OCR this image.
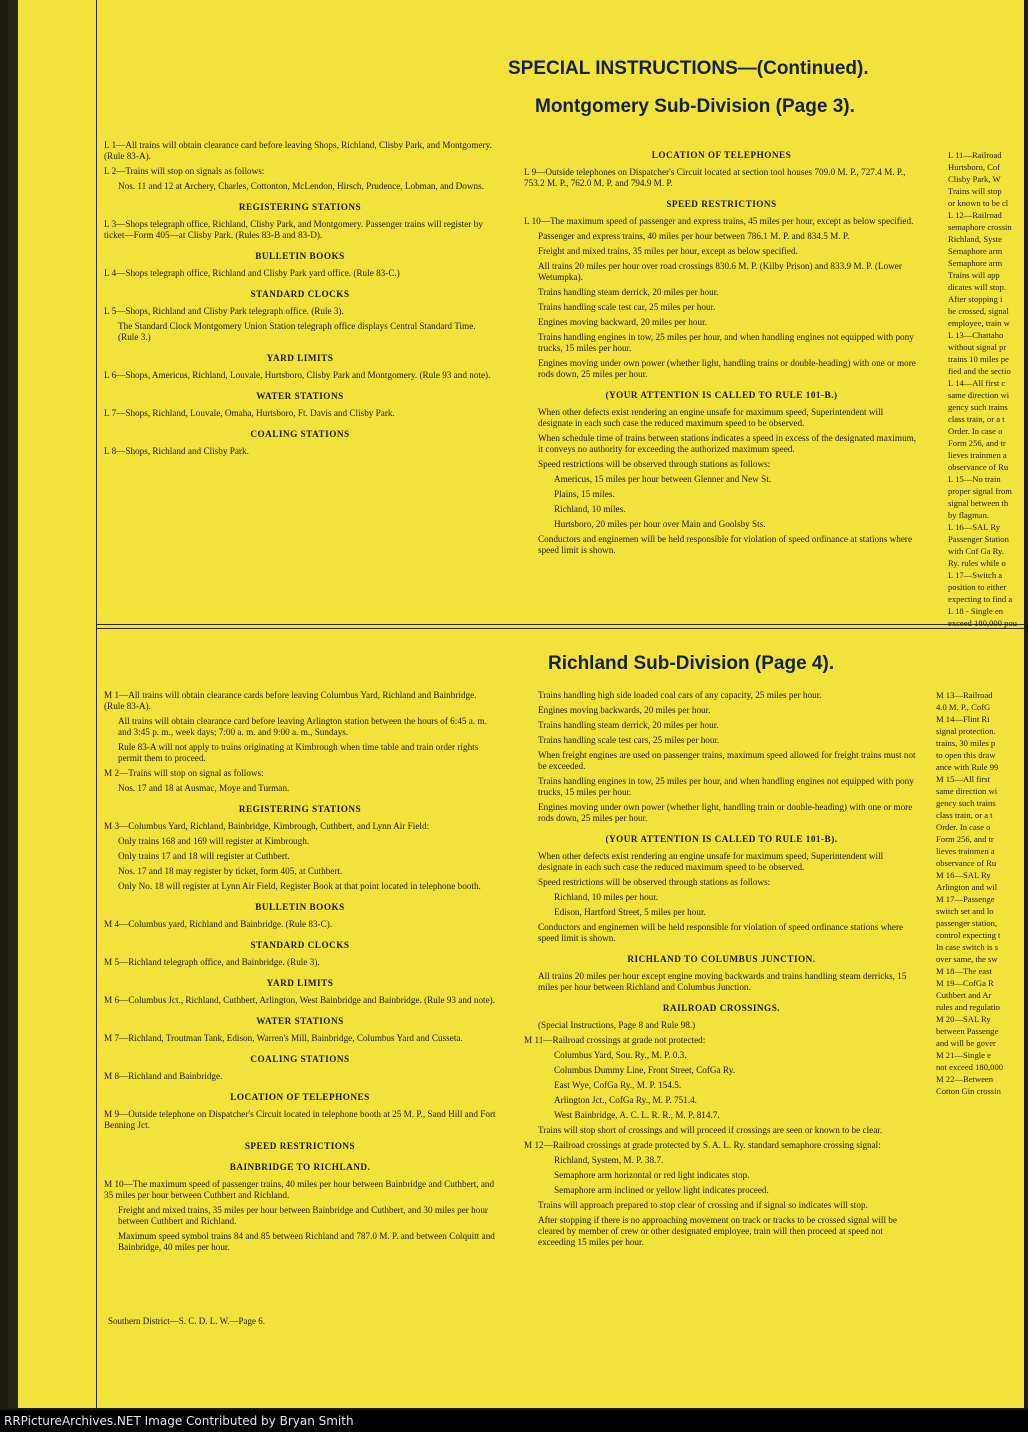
SPECIAL INSTRUCTIONS—(Continued).
Montgomery Sub-Division (Page 3).
Richland Sub-Division (Page 4).

L 1—All trains will obtain clearance card before leaving Shops, Richland, Clisby Park, and Montgomery. (Rule 83-A).

L 2—Trains will stop on signals as follows:

Nos. 11 and 12 at Archery, Charles, Cottonton, McLendon, Hirsch, Prudence, Lobman, and Downs.

REGISTERING STATIONS

L 3—Shops telegraph office, Richland, Clisby Park, and Montgomery. Passenger trains will register by ticket—Form 405—at Clisby Park. (Rules 83-B and 83-D).

BULLETIN BOOKS

L 4—Shops telegraph office, Richland and Clisby Park yard office. (Rule 83-C.)

STANDARD CLOCKS

L 5—Shops, Richland and Clisby Park telegraph office. (Rule 3).

The Standard Clock Montgomery Union Station telegraph office displays Central Standard Time. (Rule 3.)

YARD LIMITS

L 6—Shops, Americus, Richland, Louvale, Hurtsboro, Clisby Park and Montgomery. (Rule 93 and note).

WATER STATIONS

L 7—Shops, Richland, Louvale, Omaha, Hurtsboro, Ft. Davis and Clisby Park.

COALING STATIONS

L 8—Shops, Richland and Clisby Park.

LOCATION OF TELEPHONES

L 9—Outside telephones on Dispatcher's Circuit located at section tool houses 709.0 M. P., 727.4 M. P., 753.2 M. P., 762.0 M. P. and 794.9 M. P.

SPEED RESTRICTIONS

L 10—The maximum speed of passenger and express trains, 45 miles per hour, except as below specified.

Passenger and express trains, 40 miles per hour between 786.1 M. P. and 834.5 M. P.

Freight and mixed trains, 35 miles per hour, except as below specified.

All trains 20 miles per hour over road crossings 830.6 M. P. (Kilby Prison) and 833.9 M. P. (Lower Wetumpka).

Trains handling steam derrick, 20 miles per hour.

Trains handling scale test car, 25 miles per hour.

Engines moving backward, 20 miles per hour.

Trains handling engines in tow, 25 miles per hour, and when handling engines not equipped with pony trucks, 15 miles per hour.

Engines moving under own power (whether light, handling trains or double-heading) with one or more rods down, 25 miles per hour.

(YOUR ATTENTION IS CALLED TO RULE 101-B.)

When other defects exist rendering an engine unsafe for maximum speed, Superintendent will designate in each such case the reduced maximum speed to be observed.

When schedule time of trains between stations indicates a speed in excess of the designated maximum, it conveys no authority for exceeding the authorized maximum speed.

Speed restrictions will be observed through stations as follows:

Americus, 15 miles per hour between Glenner and New St.

Plains, 15 miles.

Richland, 10 miles.

Hurtsboro, 20 miles per hour over Main and Goolsby Sts.

Conductors and enginemen will be held responsible for violation of speed ordinance at stations where speed limit is shown.

L 11—Railroad

Hurtsboro, Cof

Clisby Park, W

Trains will stop

or known to be cl

L 12—Railroad

semaphore crossin

Richland, Syste

Semaphore arm

Semaphore arm

Trains will app

dicates will stop.

After stopping i

be crossed, signal

employee, train w

L 13—Chattaho

without signal pr

trains 10 miles pe

fied and the sectio

L 14—All first c

same direction wi

gency such trains

class train, or a t

Order. In case o

Form 256, and tr

lieves trainmen a

observance of Ru

L 15—No train

proper signal from

signal between th

by flagman.

L 16—SAL Ry

Passenger Station

with Cof Ga Ry.

Ry. rules while o

L 17—Switch a

position to either

expecting to find a

L 18 - Single en

exceed 180,000 pou

M 1—All trains will obtain clearance cards before leaving Columbus Yard, Richland and Bainbridge. (Rule 83-A).

All trains will obtain clearance card before leaving Arlington station between the hours of 6:45 a. m. and 3:45 p. m., week days; 7:00 a. m. and 9:00 a. m., Sundays.

Rule 83-A will not apply to trains originating at Kimbrough when time table and train order rights permit them to proceed.

M 2—Trains will stop on signal as follows:

Nos. 17 and 18 at Ausmac, Moye and Turman.

REGISTERING STATIONS

M 3—Columbus Yard, Richland, Bainbridge, Kimbrough, Cuthbert, and Lynn Air Field:

Only trains 168 and 169 will register at Kimbrough.

Only trains 17 and 18 will register at Cuthbert.

Nos. 17 and 18 may register by ticket, form 405, at Cuthbert.

Only No. 18 will register at Lynn Air Field, Register Book at that point located in telephone booth.

BULLETIN BOOKS

M 4—Columbus yard, Richland and Bainbridge. (Rule 83-C).

STANDARD CLOCKS

M 5—Richland telegraph office, and Bainbridge. (Rule 3).

YARD LIMITS

M 6—Columbus Jct., Richland, Cuthbert, Arlington, West Bainbridge and Bainbridge. (Rule 93 and note).

WATER STATIONS

M 7—Richland, Troutman Tank, Edison, Warren's Mill, Bainbridge, Columbus Yard and Cusseta.

COALING STATIONS

M 8—Richland and Bainbridge.

LOCATION OF TELEPHONES

M 9—Outside telephone on Dispatcher's Circuit located in telephone booth at 25 M. P., Sand Hill and Fort Benning Jct.

SPEED RESTRICTIONS

BAINBRIDGE TO RICHLAND.

M 10—The maximum speed of passenger trains, 40 miles per hour between Bainbridge and Cuthbert, and 35 miles per hour between Cuthbert and Richland.

Freight and mixed trains, 35 miles per hour between Bainbridge and Cuthbert, and 30 miles per hour between Cuthbert and Richland.

Maximum speed symbol trains 84 and 85 between Richland and 787.0 M. P. and between Colquitt and Bainbridge, 40 miles per hour.

Trains handling high side loaded coal cars of any capacity, 25 miles per hour.

Engines moving backwards, 20 miles per hour.

Trains handling steam derrick, 20 miles per hour.

Trains handling scale test cars, 25 miles per hour.

When freight engines are used on passenger trains, maximum speed allowed for freight trains must not be exceeded.

Trains handling engines in tow, 25 miles per hour, and when handling engines not equipped with pony trucks, 15 miles per hour.

Engines moving under own power (whether light, handling train or double-heading) with one or more rods down, 25 miles per hour.

(YOUR ATTENTION IS CALLED TO RULE 101-B).

When other defects exist rendering an engine unsafe for maximum speed, Superintendent will designate in each such case the reduced maximum speed to be observed.

Speed restrictions will be observed through stations as follows:

Richland, 10 miles per hour.

Edison, Hartford Street, 5 miles per hour.

Conductors and enginemen will be held responsible for violation of speed ordinance stations where speed limit is shown.

RICHLAND TO COLUMBUS JUNCTION.

All trains 20 miles per hour except engine moving backwards and trains handling steam derricks, 15 miles per hour between Richland and Columbus Junction.

RAILROAD CROSSINGS.

(Special Instructions, Page 8 and Rule 98.)

M 11—Railroad crossings at grade not protected:

Columbus Yard, Sou. Ry., M. P. 0.3.

Columbus Dummy Line, Front Street, CofGa Ry.

East Wye, CofGa Ry., M. P. 154.5.

Arlington Jct., CofGa Ry., M. P. 751.4.

West Bainbridge, A. C. L. R. R., M. P. 814.7.

Trains will stop short of crossings and will proceed if crossings are seen or known to be clear.

M 12—Railroad crossings at grade protected by S. A. L. Ry. standard semaphore crossing signal:

Richland, System, M. P. 38.7.

Semaphore arm horizontal or red light indicates stop.

Semaphore arm inclined or yellow light indicates proceed.

Trains will approach prepared to stop clear of crossing and if signal so indicates will stop.

After stopping if there is no approaching movement on track or tracks to be crossed signal will be cleared by member of crew or other designated employee, train will then proceed at speed not exceeding 15 miles per hour.

M 13—Railroad

4.0 M. P., CofG

M 14—Flint Ri

signal protection.

trains, 30 miles p

to open this draw

ance with Rule 99

M 15—All first

same direction wi

gency such trains

class train, or a t

Order. In case o

Form 256, and tr

lieves trainmen a

observance of Ru

M 16—SAL Ry

Arlington and wil

M 17—Passenge

switch set and lo

passenger station,

control expecting t

In case switch is s

over same, the sw

M 18—The east

M 19—CofGa R

Cuthbert and Ar

rules and regulatio

M 20—SAL Ry

between Passenge

and will be gover

M 21—Single e

not exceed 180,000

M 22—Between

Cotton Gin crossin

Southern District—S. C. D. L. W.—Page 6.
RRPictureArchives.NET Image Contributed by Bryan Smith
